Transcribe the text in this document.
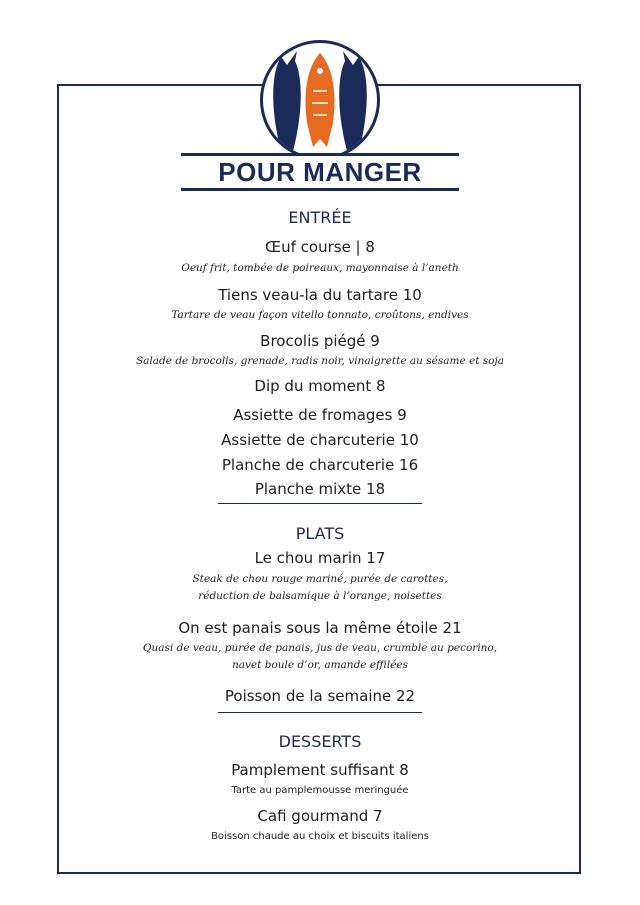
POUR MANGER
ENTRÉE
Œuf course | 8
Oeuf frit, tombée de poireaux, mayonnaise à l’aneth
Tiens veau-la du tartare 10
Tartare de veau façon vitello tonnato, croûtons, endives
Brocolis piégé 9
Salade de brocolis, grenade, radis noir, vinaigrette au sésame et soja
Dip du moment 8
Assiette de fromages 9
Assiette de charcuterie 10
Planche de charcuterie 16
Planche mixte 18
PLATS
Le chou marin 17
Steak de chou rouge mariné, purée de carottes,
réduction de balsamique à l’orange, noisettes
On est panais sous la même étoile 21
Quasi de veau, purée de panais, jus de veau, crumble au pecorino,
navet boule d’or, amande effilées
Poisson de la semaine 22
DESSERTS
Pamplement suffisant 8
Tarte au pamplemousse meringuée
Cafi gourmand 7
Boisson chaude au choix et biscuits italiens
